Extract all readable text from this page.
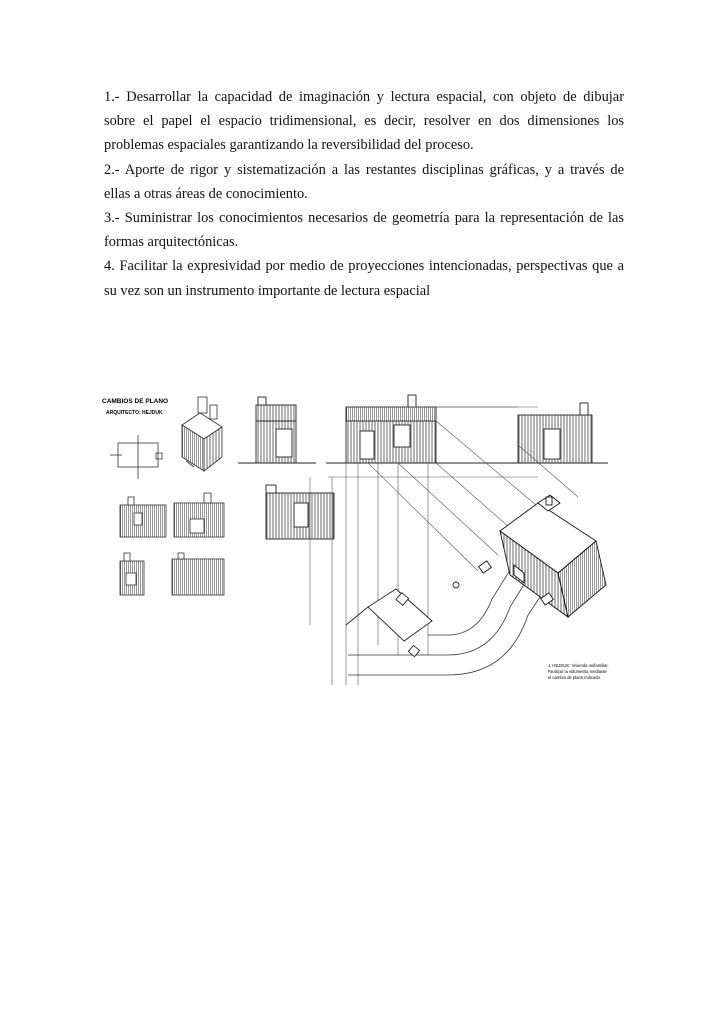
1.- Desarrollar la capacidad de imaginación y lectura espacial, con objeto de dibujar
sobre el papel el espacio tridimensional, es decir, resolver en dos dimensiones los
problemas espaciales garantizando la reversibilidad del proceso.

2.- Aporte de rigor y sistematización a las restantes disciplinas gráficas, y a través de
ellas a otras áreas de conocimiento.

3.- Suministrar los conocimientos necesarios de geometría para la representación de las
formas arquitectónicas.

4. Facilitar la expresividad por medio de proyecciones intencionadas, perspectivas que a
su vez son un instrumento importante de lectura espacial

CAMBIOS DE PLANO
ARQUITECTO: HEJDUK
J. HEJDUK: Vivienda unifamiliar.
Realizar la volumetría mediante
el cambio de plano indicado.
